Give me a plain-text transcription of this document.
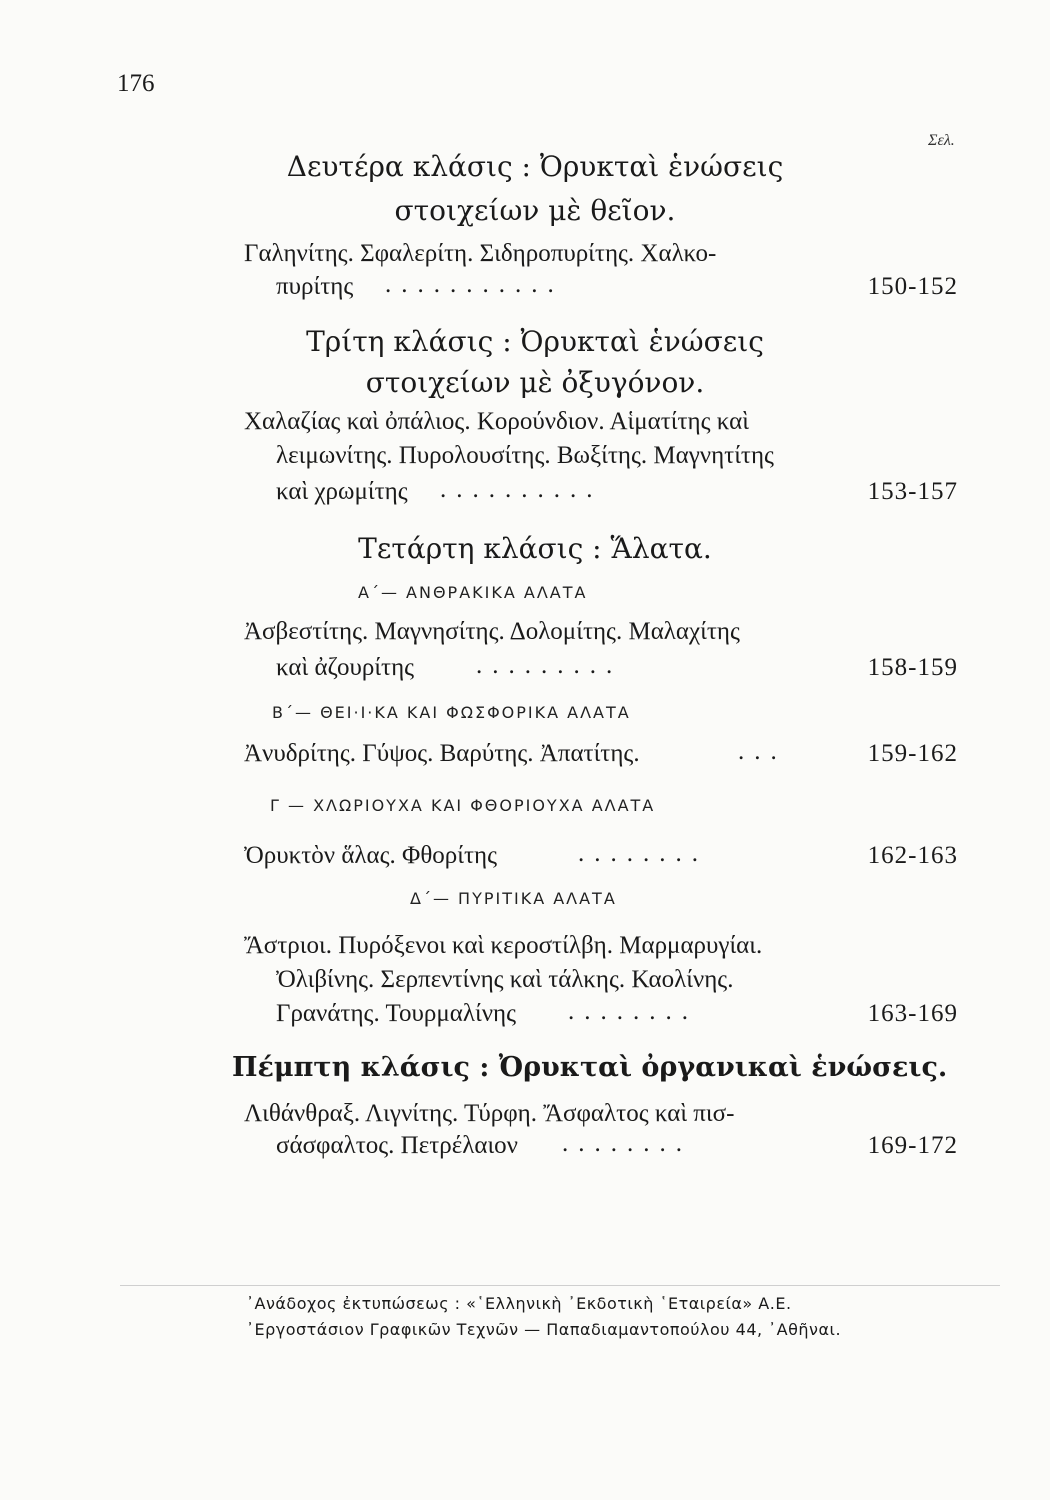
176
Σελ.
Δευτέρα κλάσις : Ὀρυκταὶ ἑνώσεις
στοιχείων μὲ θεῖον.
Γαληνίτης. Σφαλερίτη. Σιδηροπυρίτης. Χαλκο-
πυρίτης ...........	150-152
Τρίτη κλάσις : Ὀρυκταὶ ἑνώσεις
στοιχείων μὲ ὀξυγόνον.
Χαλαζίας καὶ ὀπάλιος. Κορούνδιον. Αἱματίτης καὶ
λειμωνίτης. Πυρολουσίτης. Βωξίτης. Μαγνητίτης
καὶ χρωμίτης ..........	153-157
Τετάρτη κλάσις : Ἅλατα.
Α΄— ΑΝΘΡΑΚΙΚΑ ΑΛΑΤΑ
Ἀσβεστίτης. Μαγνησίτης. Δολομίτης. Μαλαχίτης
καὶ ἀζουρίτης .........	158-159
Β΄— ΘΕΙ·Ι·ΚΑ ΚΑΙ ΦΩΣΦΟΡΙΚΑ ΑΛΑΤΑ
Ἀνυδρίτης. Γύψος. Βαρύτης. Ἀπατίτης.	...	159-162
Γ — ΧΛΩΡΙΟΥΧΑ ΚΑΙ ΦΘΟΡΙΟΥΧΑ ΑΛΑΤΑ
Ὀρυκτὸν ἅλας. Φθορίτης	........	162-163
Δ΄— ΠΥΡΙΤΙΚΑ ΑΛΑΤΑ
Ἄστριοι. Πυρόξενοι καὶ κεροστίλβη. Μαρμαρυγίαι.
Ὀλιβίνης. Σερπεντίνης καὶ τάλκης. Καολίνης.
Γρανάτης. Τουρμαλίνης ........	163-169
Πέμπτη κλάσις : Ὀρυκταὶ ὀργανικαὶ ἑνώσεις.
Λιθάνθραξ. Λιγνίτης. Τύρφη. Ἄσφαλτος καὶ πισ-
σάσφαλτος. Πετρέλαιον ........	169-172
᾿Ανάδοχος ἐκτυπώσεως : «῾Ελληνικὴ ᾿Εκδοτικὴ ῾Εταιρεία» Α.Ε.
᾿Εργοστάσιον Γραφικῶν Τεχνῶν — Παπαδιαμαντοπούλου 44, ᾿Αθῆναι.
